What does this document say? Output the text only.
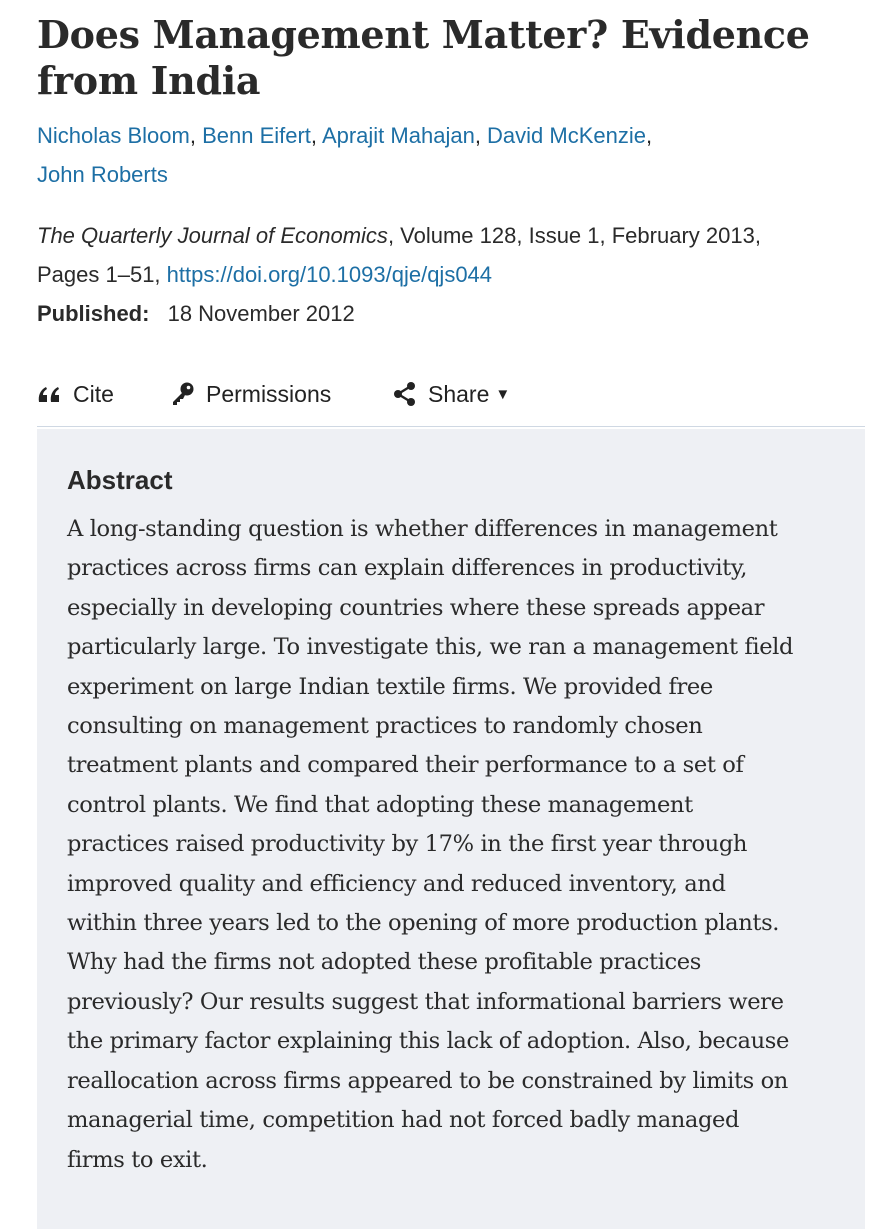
Does Management Matter? Evidence from India
Nicholas Bloom, Benn Eifert, Aprajit Mahajan, David McKenzie,
John Roberts
The Quarterly Journal of Economics, Volume 128, Issue 1, February 2013,
Pages 1–51, https://doi.org/10.1093/qje/qjs044
Published: 18 November 2012
Cite	Permissions	Share ▼
Abstract

A long-standing question is whether differences in management
practices across firms can explain differences in productivity,
especially in developing countries where these spreads appear
particularly large. To investigate this, we ran a management field
experiment on large Indian textile firms. We provided free
consulting on management practices to randomly chosen
treatment plants and compared their performance to a set of
control plants. We find that adopting these management
practices raised productivity by 17% in the first year through
improved quality and efficiency and reduced inventory, and
within three years led to the opening of more production plants.
Why had the firms not adopted these profitable practices
previously? Our results suggest that informational barriers were
the primary factor explaining this lack of adoption. Also, because
reallocation across firms appeared to be constrained by limits on
managerial time, competition had not forced badly managed
firms to exit.
